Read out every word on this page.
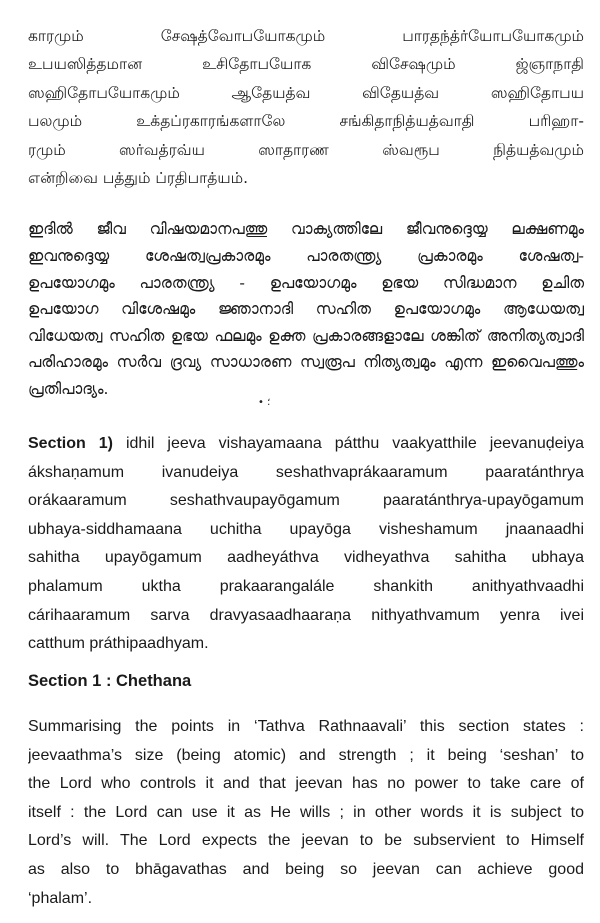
காரமும் சேஷத்வோபயோகமும் பாரதந்த்ர்யோபயோகமும்
உபயஸித்தமான உசிதோபயோக விசேஷமும் ஜ்ஞாநாதி
ஸஹிதோபயோகமும் ஆதேயத்வ விதேயத்வ ஸஹிதோபய
பலமும் உக்தப்ரகாரங்களாலே சங்கிதாநித்யத்வாதி பரிஹா-
ரமும் ஸர்வத்ரவ்ய ஸாதாரண ஸ்வரூப நித்யத்வமும்
என்றிவை பத்தும் ப்ரதிபாத்யம்.
ഇദിൽ ജീവ വിഷയമാനപത്തു വാക്യത്തിലേ ജീവനുദ്ദെയ്യ ലക്ഷണമും
ഇവനുദ്ദെയ്യ ശേഷത്വപ്രകാരമും പാരതന്ത്ര്യ പ്രകാരമും ശേഷത്വ-
ഉപയോഗമും പാരതന്ത്ര്യ - ഉപയോഗമും ഉഭയ സിദ്ധമാന ഉചിത
ഉപയോഗ വിശേഷമും ജ്ഞാനാദി സഹിത ഉപയോഗമും ആധേയത്വ
വിധേയത്വ സഹിത ഉഭയ ഫലമും ഉക്ത പ്രകാരങ്ങളാലേ ശങ്കിത് അനിത്യത്വാദി
പരിഹാരമും സർവ ദ്രവ്യ സാധാരണ സ്വരൂപ നിത്യത്വമും എന്ന ഇവൈപത്തും
പ്രതിപാദ്യം.
• ؛
Section 1) idhil jeeva vishayamaana pátthu vaakyatthile jeevanuḍeiya
ákshaṇamum ivanudeiya seshathvaprákaaramum paaratánthrya
orákaaramum seshathvaupayōgamum paaratánthrya-upayōgamum
ubhaya-siddhamaana uchitha upayōga visheshamum jnaanaadhi
sahitha upayōgamum aadheyáthva vidheyathva sahitha ubhaya
phalamum uktha prakaarangalále shankith anithyathvaadhi
cárihaaramum sarva dravyasaadhaaraṇa nithyathvamum yenra ivei
catthum práthipaadhyam.
Section 1 : Chethana
Summarising the points in ‘Tathva Rathnaavali’ this section states :
jeevaathma’s size (being atomic) and strength ; it being ‘seshan’ to
the Lord who controls it and that jeevan has no power to take care of
itself : the Lord can use it as He wills ; in other words it is subject to
Lord’s will. The Lord expects the jeevan to be subservient to Himself
as also to bhāgavathas and being so jeevan can achieve good
‘phalam’.
